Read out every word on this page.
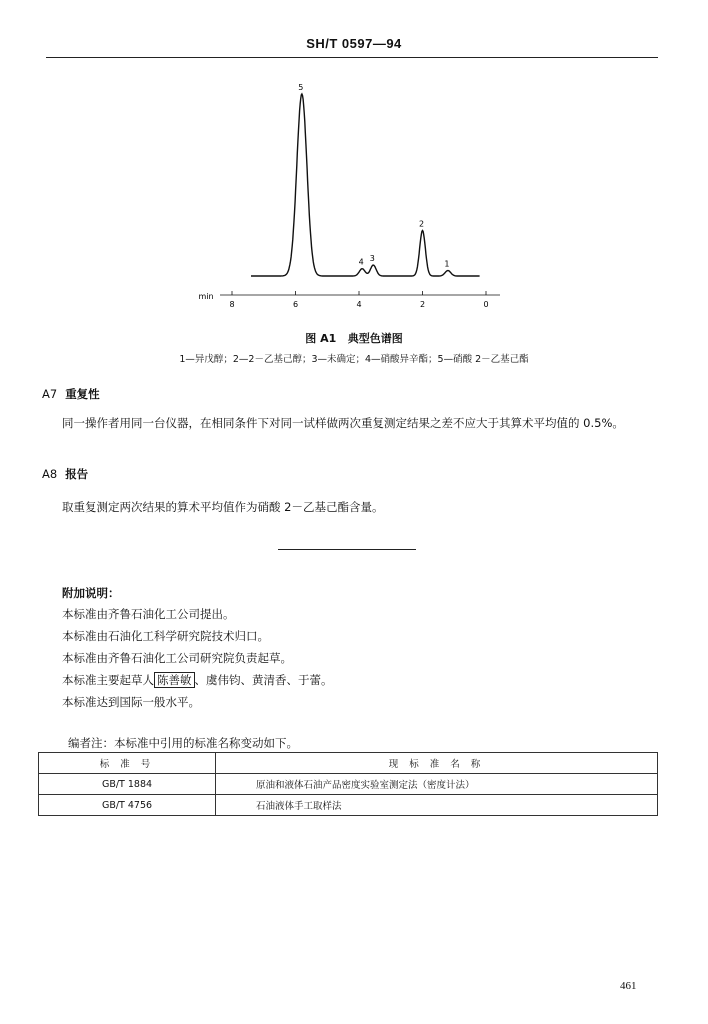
SH/T 0597—94
5
4 3
2
1
min
8	6	4	2	0
图 A1 典型色谱图
1—异戊醇；2—2－乙基己醇；3—未确定；4—硝酸异辛酯；5—硝酸 2－乙基己酯
A7 重复性
同一操作者用同一台仪器，在相同条件下对同一试样做两次重复测定结果之差不应大于其算术平均值的 0.5%。
A8 报告
取重复测定两次结果的算术平均值作为硝酸 2－乙基己酯含量。
附加说明：
本标准由齐鲁石油化工公司提出。
本标准由石油化工科学研究院技术归口。
本标准由齐鲁石油化工公司研究院负责起草。
本标准主要起草人 陈善敏 、虞伟钧、黄清香、于蕾。
本标准达到国际一般水平。
编者注：本标准中引用的标准名称变动如下。
标 准 号	现 标 准 名 称
GB/T 1884	原油和液体石油产品密度实验室测定法（密度计法）
GB/T 4756	石油液体手工取样法
461
